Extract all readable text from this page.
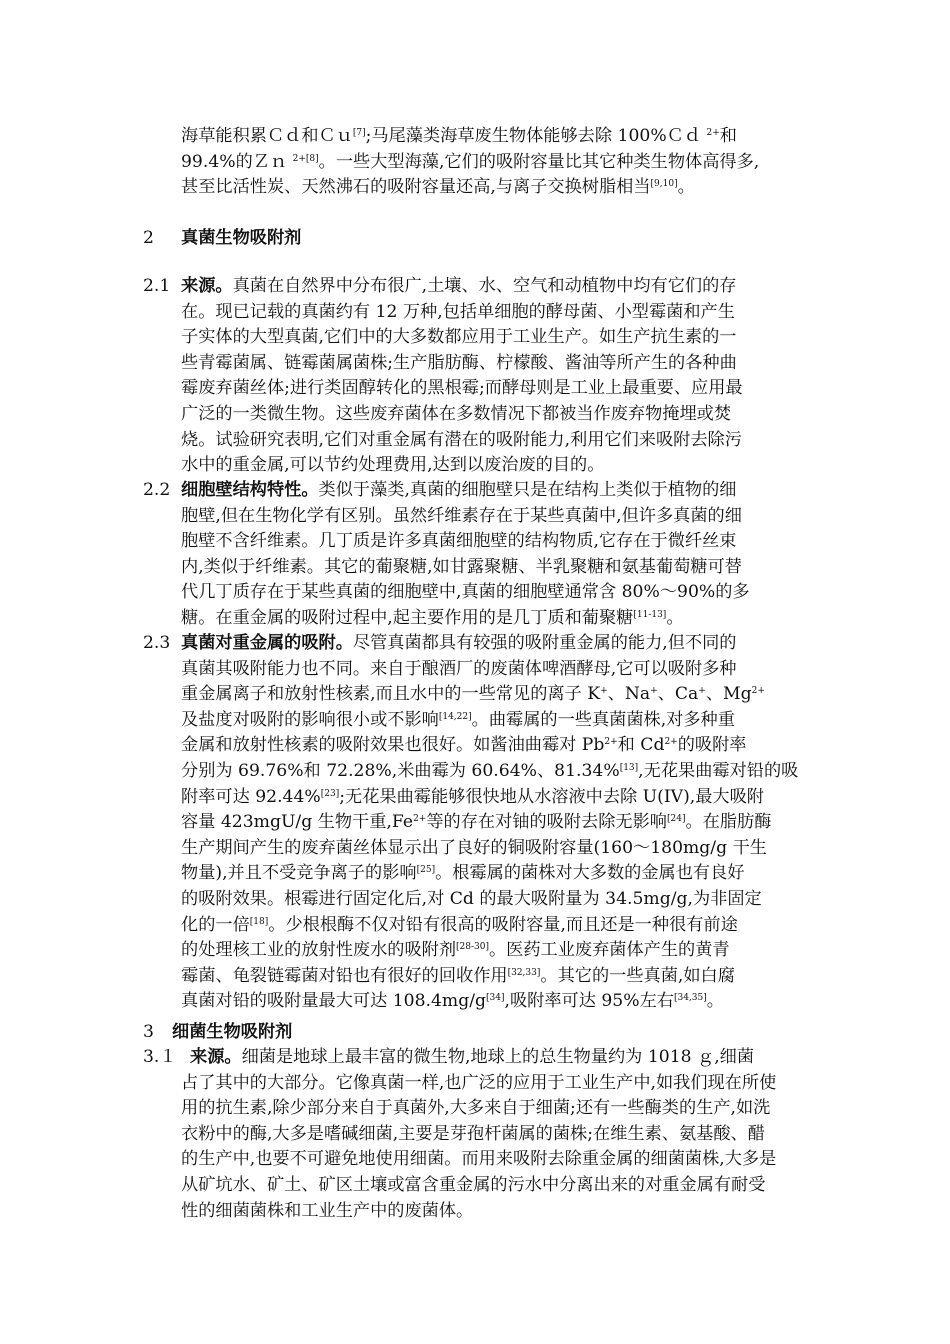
海草能积累Ｃｄ和Ｃｕ[7];马尾藻类海草废生物体能够去除 100%Ｃｄ $^{2+}$和
99.4%的Ｚｎ $^{2+[8]}$。一些大型海藻,它们的吸附容量比其它种类生物体高得多,
甚至比活性炭、天然沸石的吸附容量还高,与离子交换树脂相当[9,10]。
2 真菌生物吸附剂
2.1 来源。真菌在自然界中分布很广,土壤、水、空气和动植物中均有它们的存
在。现已记载的真菌约有 12 万种,包括单细胞的酵母菌、小型霉菌和产生
子实体的大型真菌,它们中的大多数都应用于工业生产。如生产抗生素的一
些青霉菌属、链霉菌属菌株;生产脂肪酶、柠檬酸、酱油等所产生的各种曲
霉废弃菌丝体;进行类固醇转化的黑根霉;而酵母则是工业上最重要、应用最
广泛的一类微生物。这些废弃菌体在多数情况下都被当作废弃物掩埋或焚
烧。试验研究表明,它们对重金属有潜在的吸附能力,利用它们来吸附去除污
水中的重金属,可以节约处理费用,达到以废治废的目的。
2.2 细胞壁结构特性。类似于藻类,真菌的细胞壁只是在结构上类似于植物的细
胞壁,但在生物化学有区别。虽然纤维素存在于某些真菌中,但许多真菌的细
胞壁不含纤维素。几丁质是许多真菌细胞壁的结构物质,它存在于微纤丝束
内,类似于纤维素。其它的葡聚糖,如甘露聚糖、半乳聚糖和氨基葡萄糖可替
代几丁质存在于某些真菌的细胞壁中,真菌的细胞壁通常含 80%～90%的多
糖。在重金属的吸附过程中,起主要作用的是几丁质和葡聚糖[11-13]。
2.3 真菌对重金属的吸附。尽管真菌都具有较强的吸附重金属的能力,但不同的
真菌其吸附能力也不同。来自于酿酒厂的废菌体啤酒酵母,它可以吸附多种
重金属离子和放射性核素,而且水中的一些常见的离子 K+、Na+、Ca+、$Mg^{2+}$
及盐度对吸附的影响很小或不影响[14,22]。曲霉属的一些真菌菌株,对多种重
金属和放射性核素的吸附效果也很好。如酱油曲霉对 $Pb^{2+}$和 $Cd^{2+}$的吸附率
分别为 69.76%和 72.28%,米曲霉为 60.64%、81.34%[13],无花果曲霉对铅的吸
附率可达 92.44%[23];无花果曲霉能够很快地从水溶液中去除 U(IV),最大吸附
容量 423mgU/g 生物干重$,Fe^{2+}$等的存在对铀的吸附去除无影响[24]。在脂肪酶
生产期间产生的废弃菌丝体显示出了良好的铜吸附容量(160～180mg/g 干生
物量),并且不受竞争离子的影响[25]。根霉属的菌株对大多数的金属也有良好
的吸附效果。根霉进行固定化后,对 Cd 的最大吸附量为 34.5mg/g,为非固定
化的一倍[18]。少根根酶不仅对铅有很高的吸附容量,而且还是一种很有前途
的处理核工业的放射性废水的吸附剂[28-30]。医药工业废弃菌体产生的黄青
霉菌、龟裂链霉菌对铅也有很好的回收作用[32,33]。其它的一些真菌,如白腐
真菌对铅的吸附量最大可达 108.4mg/g[34],吸附率可达 95%左右[34,35]。
3 细菌生物吸附剂
3.１ 来源。细菌是地球上最丰富的微生物,地球上的总生物量约为 1018 ｇ,细菌
占了其中的大部分。它像真菌一样,也广泛的应用于工业生产中,如我们现在所使
用的抗生素,除少部分来自于真菌外,大多来自于细菌;还有一些酶类的生产,如洗
衣粉中的酶,大多是嗜碱细菌,主要是芽孢杆菌属的菌株;在维生素、氨基酸、醋
的生产中,也要不可避免地使用细菌。而用来吸附去除重金属的细菌菌株,大多是
从矿坑水、矿土、矿区土壤或富含重金属的污水中分离出来的对重金属有耐受
性的细菌菌株和工业生产中的废菌体。
